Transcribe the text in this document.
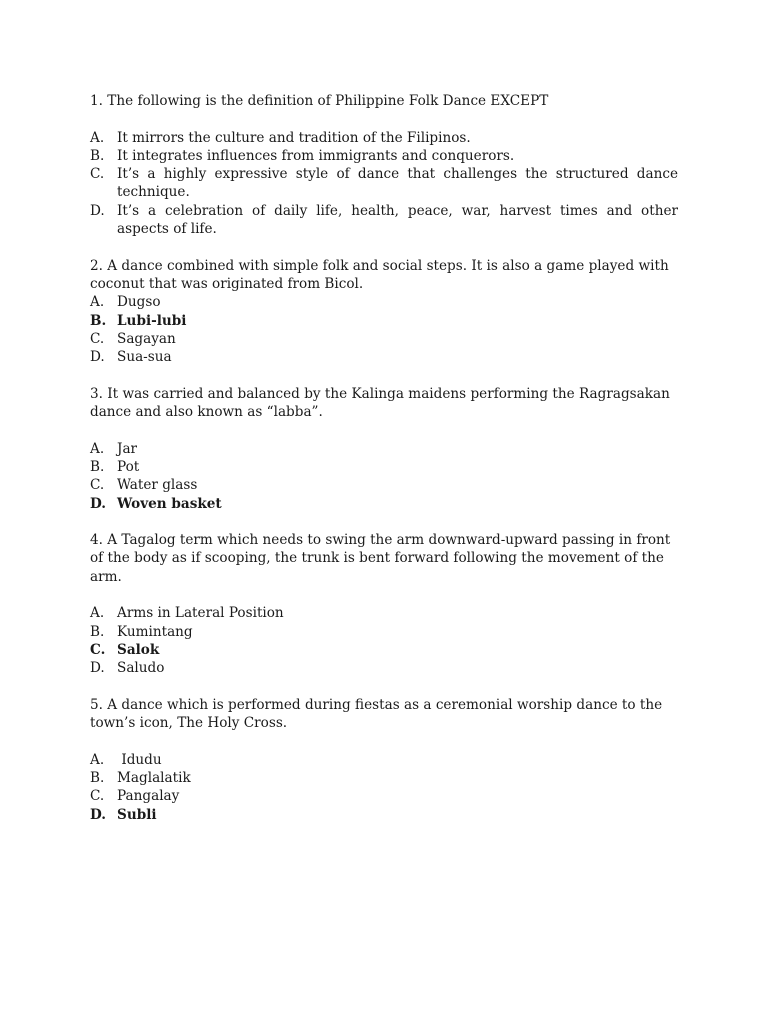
1. The following is the definition of Philippine Folk Dance EXCEPT

A. It mirrors the culture and tradition of the Filipinos.
B. It integrates influences from immigrants and conquerors.
C. It’s a highly expressive style of dance that challenges the structured dance technique.
D. It’s a celebration of daily life, health, peace, war, harvest times and other aspects of life.

2. A dance combined with simple folk and social steps. It is also a game played with coconut that was originated from Bicol.

A. Dugso
B. Lubi-lubi
C. Sagayan
D. Sua-sua

3. It was carried and balanced by the Kalinga maidens performing the Ragragsakan dance and also known as “labba”.

A. Jar
B. Pot
C. Water glass
D. Woven basket

4. A Tagalog term which needs to swing the arm downward-upward passing in front of the body as if scooping, the trunk is bent forward following the movement of the arm.

A. Arms in Lateral Position
B. Kumintang
C. Salok
D. Saludo

5. A dance which is performed during fiestas as a ceremonial worship dance to the town’s icon, The Holy Cross.

A. Idudu
B. Maglalatik
C. Pangalay
D. Subli
